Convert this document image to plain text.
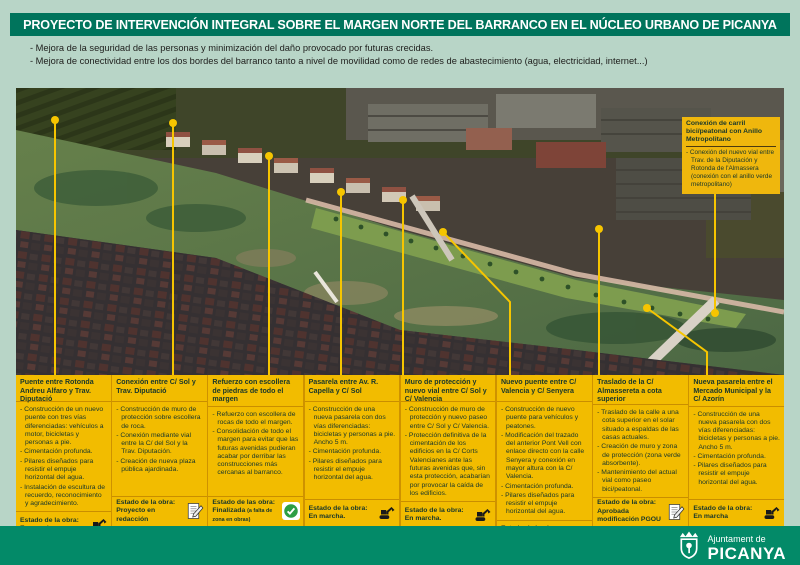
PROYECTO DE INTERVENCIÓN INTEGRAL SOBRE EL MARGEN NORTE DEL BARRANCO EN EL NÚCLEO URBANO DE PICANYA
- Mejora de la seguridad de las personas y minimización del daño provocado por futuras crecidas.
- Mejora de conectividad entre los dos bordes del barranco tanto a nivel de movilidad como de redes de abastecimiento (agua, electricidad, internet...)
Conexión de carril bici/peatonal con Anillo Metropolitano
- Conexión del nuevo vial entre Trav. de la Diputación y Rotonda de l'Almassera (conexión con el anillo verde metropolitano)
Puente entre Rotonda Andreu Alfaro y Trav. Diputació
- Construcción de un nuevo puente con tres vías diferenciadas: vehículos a motor, bicicletas y personas a pie.
- Cimentación profunda.
- Pilares diseñados para resistir el empuje horizontal del agua.
- Instalación de escultura de recuerdo, reconocimiento y agradecimiento.
Estado de la obra:
Conexión entre C/ Sol y Trav. Diputació
- Construcción de muro de protección sobre escollera de roca.
- Conexión mediante vial entre la C/ del Sol y la Trav. Diputación.
- Creación de nueva plaza pública ajardinada.
Estado de la obra:
Proyecto en redacción
Refuerzo con escollera de piedras de todo el margen
- Refuerzo con escollera de rocas de todo el margen.
- Consolidación de todo el margen para evitar que las futuras avenidas pudieran acabar por derribar las construcciones más cercanas al barranco.
Estado de las obra:
Finalizada (a falta de zona en obras)
Pasarela entre Av. R. Capella y C/ Sol
- Construcción de una nueva pasarela con dos vías diferenciadas: bicicletas y personas a pie. Ancho 5 m.
- Cimentación profunda.
- Pilares diseñados para resistir el empuje horizontal del agua.
Estado de la obra:
En marcha.
Muro de protección y nuevo vial entre C/ Sol y C/ Valencia
- Construcción de muro de protección y nuevo paseo entre C/ Sol y C/ Valencia.
- Protección definitiva de la cimentación de los edificios en la C/ Corts Valencianes ante las futuras avenidas que, sin esta protección, acabarían por provocar la caída de los edificios.
Estado de la obra:
En marcha.
Nuevo puente entre C/ Valencia y C/ Senyera
- Construcción de nuevo puente para vehículos y peatones.
- Modificación del trazado del anterior Pont Vell con enlace directo con la calle Senyera y conexión en mayor altura con la C/ Valencia.
- Cimentación profunda.
- Pilares diseñados para resistir el empuje horizontal del agua.
Traslado de la C/ Almassereta a cota superior
- Traslado de la calle a una cota superior en el solar situado a espaldas de las casas actuales.
- Creación de muro y zona de protección (zona verde absorbente).
- Mantenimiento del actual vial como paseo bici/peatonal.
Estado de la obra:
Aprobada modificación PGOU
Nueva pasarela entre el Mercado Municipal y la C/ Azorín
- Construcción de una nueva pasarela con dos vías diferenciadas: bicicletas y personas a pie. Ancho 5 m.
- Cimentación profunda.
- Pilares diseñados para resistir el empuje horizontal del agua.
Estado de la obra:
En marcha
Ajuntament de
PICANYA
